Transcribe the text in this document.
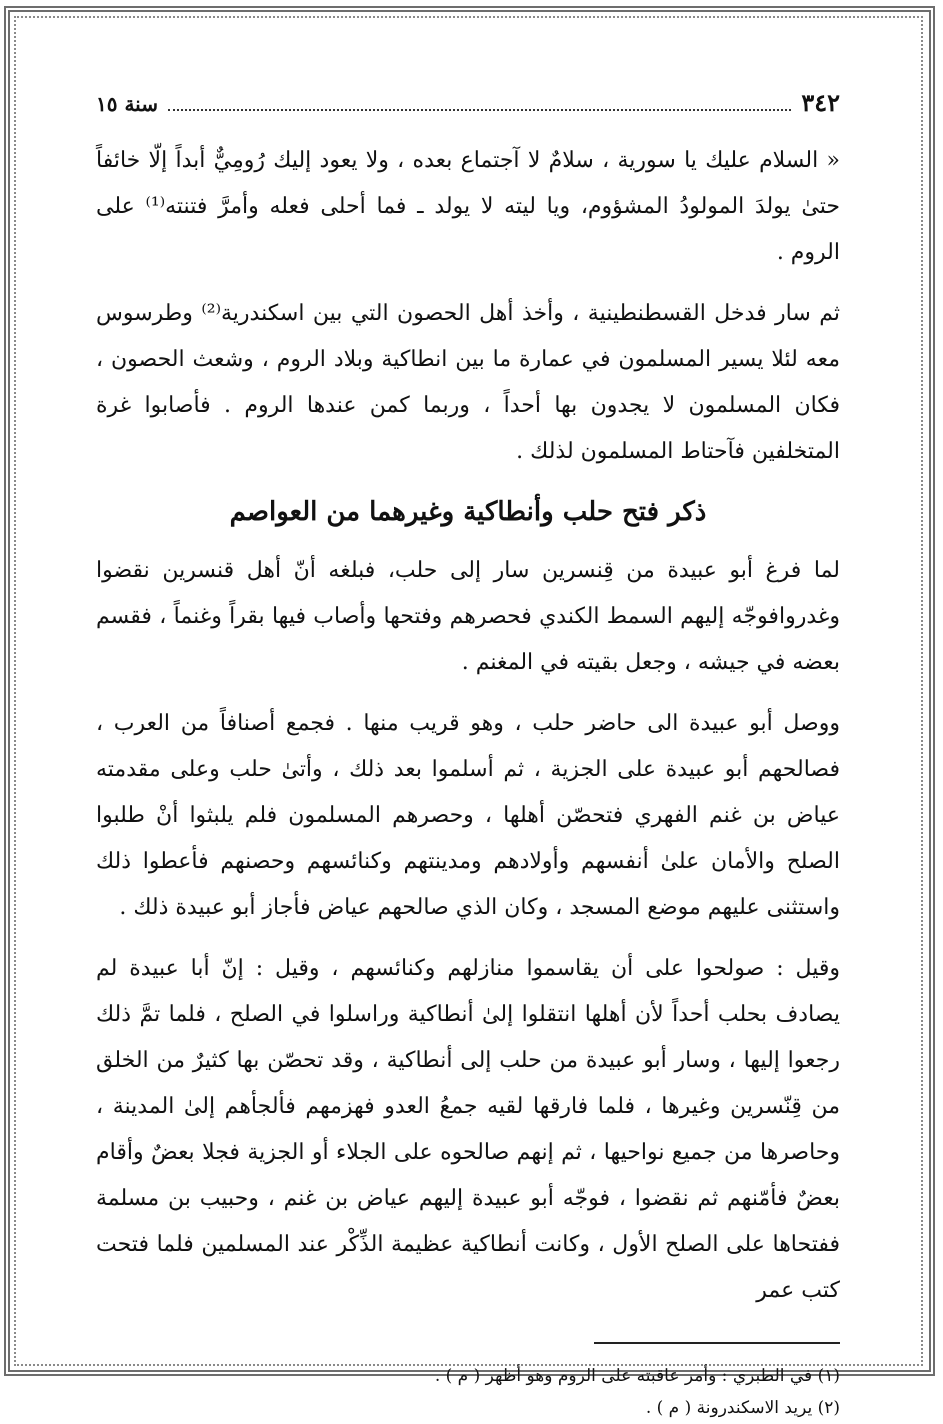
٣٤٢
سنة ١٥

« السلام عليك يا سورية ، سلامٌ لا آجتماع بعده ، ولا يعود إليك رُومِيٌّ أبداً إلّا خائفاً حتىٰ يولدَ المولودُ المشؤوم، ويا ليته لا يولد ـ فما أحلى فعله وأمرَّ فتنته⁽¹⁾ على الروم .

ثم سار فدخل القسطنطينية ، وأخذ أهل الحصون التي بين اسكندرية⁽²⁾ وطرسوس معه لئلا يسير المسلمون في عمارة ما بين انطاكية وبلاد الروم ، وشعث الحصون ، فكان المسلمون لا يجدون بها أحداً ، وربما كمن عندها الروم . فأصابوا غرة المتخلفين فآحتاط المسلمون لذلك .

ذكر فتح حلب وأنطاكية وغيرهما من العواصم

لما فرغ أبو عبيدة من قِنسرين سار إلى حلب، فبلغه أنّ أهل قنسرين نقضوا وغدروافوجّه إليهم السمط الكندي فحصرهم وفتحها وأصاب فيها بقراً وغنماً ، فقسم بعضه في جيشه ، وجعل بقيته في المغنم .

ووصل أبو عبيدة الى حاضر حلب ، وهو قريب منها . فجمع أصنافاً من العرب ، فصالحهم أبو عبيدة على الجزية ، ثم أسلموا بعد ذلك ، وأتىٰ حلب وعلى مقدمته عياض بن غنم الفهري فتحصّن أهلها ، وحصرهم المسلمون فلم يلبثوا أنْ طلبوا الصلح والأمان علىٰ أنفسهم وأولادهم ومدينتهم وكنائسهم وحصنهم فأعطوا ذلك واستثنى عليهم موضع المسجد ، وكان الذي صالحهم عياض فأجاز أبو عبيدة ذلك .

وقيل : صولحوا على أن يقاسموا منازلهم وكنائسهم ، وقيل : إنّ أبا عبيدة لم يصادف بحلب أحداً لأن أهلها انتقلوا إلىٰ أنطاكية وراسلوا في الصلح ، فلما تمَّ ذلك رجعوا إليها ، وسار أبو عبيدة من حلب إلى أنطاكية ، وقد تحصّن بها كثيرٌ من الخلق من قِنّسرين وغيرها ، فلما فارقها لقيه جمعُ العدو فهزمهم فألجأهم إلىٰ المدينة ، وحاصرها من جميع نواحيها ، ثم إنهم صالحوه على الجلاء أو الجزية فجلا بعضٌ وأقام بعضٌ فأمّنهم ثم نقضوا ، فوجّه أبو عبيدة إليهم عياض بن غنم ، وحبيب بن مسلمة ففتحاها على الصلح الأول ، وكانت أنطاكية عظيمة الذِّكْر عند المسلمين فلما فتحت كتب عمر

(١) في الطبري : وأمر عاقبته على الروم وهو أظهر ( م ) .

(٢) يريد الاسكندرونة ( م ) .
